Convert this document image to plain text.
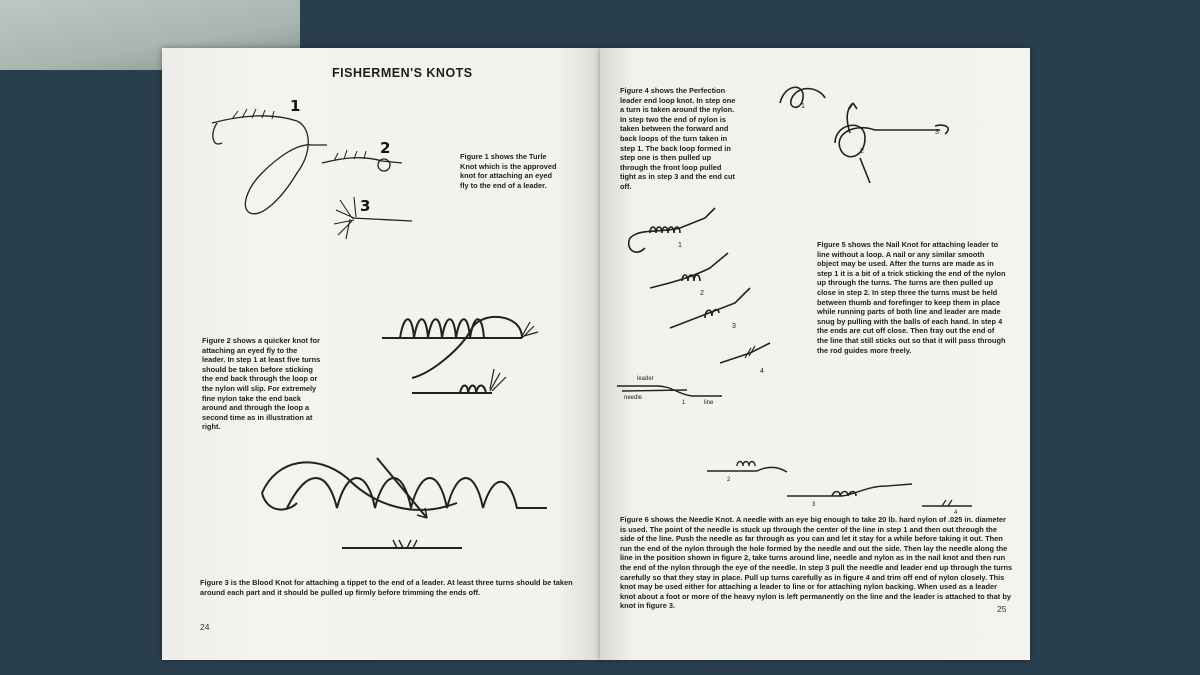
FISHERMEN'S KNOTS
1
2
3
Figure 1 shows the Turle Knot which is the approved knot for attaching an eyed fly to the end of a leader.
Figure 2 shows a quicker knot for attaching an eyed fly to the leader. In step 1 at least five turns should be taken before sticking the end back through the loop or the nylon will slip. For extremely fine nylon take the end back around and through the loop a second time as in illustration at right.
Figure 3 is the Blood Knot for attaching a tippet to the end of a leader. At least three turns should be taken around each part and it should be pulled up firmly before trimming the ends off.
24
Figure 4 shows the Perfection leader end loop knot. In step one a turn is taken around the nylon. In step two the end of nylon is taken between the forward and back loops of the turn taken in step 1. The back loop formed in step one is then pulled up through the front loop pulled tight as in step 3 and the end cut off.
1
2
3
1
2
3
4
Figure 5 shows the Nail Knot for attaching leader to line without a loop. A nail or any similar smooth object may be used. After the turns are made as in step 1 it is a bit of a trick sticking the end of the nylon up through the turns. The turns are then pulled up close in step 2. In step three the turns must be held between thumb and forefinger to keep them in place while running parts of both line and leader are made snug by pulling with the balls of each hand. In step 4 the ends are cut off close. Then fray out the end of the line that still sticks out so that it will pass through the rod guides more freely.
leader
needle
1	line
2
3
4
Figure 6 shows the Needle Knot. A needle with an eye big enough to take 20 lb. hard nylon of .025 in. diameter is used. The point of the needle is stuck up through the center of the line in step 1 and then out through the side of the line. Push the needle as far through as you can and let it stay for a while before taking it out. Then run the end of the nylon through the hole formed by the needle and out the side. Then lay the needle along the line in the position shown in figure 2, take turns around line, needle and nylon as in the nail knot and then run the end of the nylon through the eye of the needle. In step 3 pull the needle and leader end up through the turns carefully so that they stay in place. Pull up turns carefully as in figure 4 and trim off end of nylon closely. This knot may be used either for attaching a leader to line or for attaching nylon backing. When used as a leader knot about a foot or more of the heavy nylon is left permanently on the line and the leader is attached to that by knot in figure 3.	25
